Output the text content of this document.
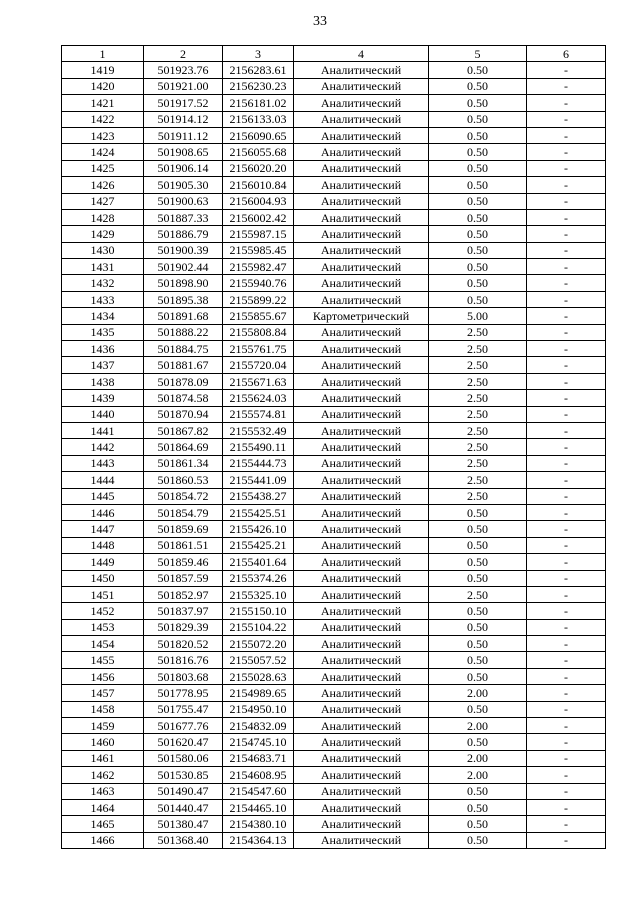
33
1	2	3	4	5	6
1419	501923.76	2156283.61	Аналитический	0.50	-
1420	501921.00	2156230.23	Аналитический	0.50	-
1421	501917.52	2156181.02	Аналитический	0.50	-
1422	501914.12	2156133.03	Аналитический	0.50	-
1423	501911.12	2156090.65	Аналитический	0.50	-
1424	501908.65	2156055.68	Аналитический	0.50	-
1425	501906.14	2156020.20	Аналитический	0.50	-
1426	501905.30	2156010.84	Аналитический	0.50	-
1427	501900.63	2156004.93	Аналитический	0.50	-
1428	501887.33	2156002.42	Аналитический	0.50	-
1429	501886.79	2155987.15	Аналитический	0.50	-
1430	501900.39	2155985.45	Аналитический	0.50	-
1431	501902.44	2155982.47	Аналитический	0.50	-
1432	501898.90	2155940.76	Аналитический	0.50	-
1433	501895.38	2155899.22	Аналитический	0.50	-
1434	501891.68	2155855.67	Картометрический	5.00	-
1435	501888.22	2155808.84	Аналитический	2.50	-
1436	501884.75	2155761.75	Аналитический	2.50	-
1437	501881.67	2155720.04	Аналитический	2.50	-
1438	501878.09	2155671.63	Аналитический	2.50	-
1439	501874.58	2155624.03	Аналитический	2.50	-
1440	501870.94	2155574.81	Аналитический	2.50	-
1441	501867.82	2155532.49	Аналитический	2.50	-
1442	501864.69	2155490.11	Аналитический	2.50	-
1443	501861.34	2155444.73	Аналитический	2.50	-
1444	501860.53	2155441.09	Аналитический	2.50	-
1445	501854.72	2155438.27	Аналитический	2.50	-
1446	501854.79	2155425.51	Аналитический	0.50	-
1447	501859.69	2155426.10	Аналитический	0.50	-
1448	501861.51	2155425.21	Аналитический	0.50	-
1449	501859.46	2155401.64	Аналитический	0.50	-
1450	501857.59	2155374.26	Аналитический	0.50	-
1451	501852.97	2155325.10	Аналитический	2.50	-
1452	501837.97	2155150.10	Аналитический	0.50	-
1453	501829.39	2155104.22	Аналитический	0.50	-
1454	501820.52	2155072.20	Аналитический	0.50	-
1455	501816.76	2155057.52	Аналитический	0.50	-
1456	501803.68	2155028.63	Аналитический	0.50	-
1457	501778.95	2154989.65	Аналитический	2.00	-
1458	501755.47	2154950.10	Аналитический	0.50	-
1459	501677.76	2154832.09	Аналитический	2.00	-
1460	501620.47	2154745.10	Аналитический	0.50	-
1461	501580.06	2154683.71	Аналитический	2.00	-
1462	501530.85	2154608.95	Аналитический	2.00	-
1463	501490.47	2154547.60	Аналитический	0.50	-
1464	501440.47	2154465.10	Аналитический	0.50	-
1465	501380.47	2154380.10	Аналитический	0.50	-
1466	501368.40	2154364.13	Аналитический	0.50	-
